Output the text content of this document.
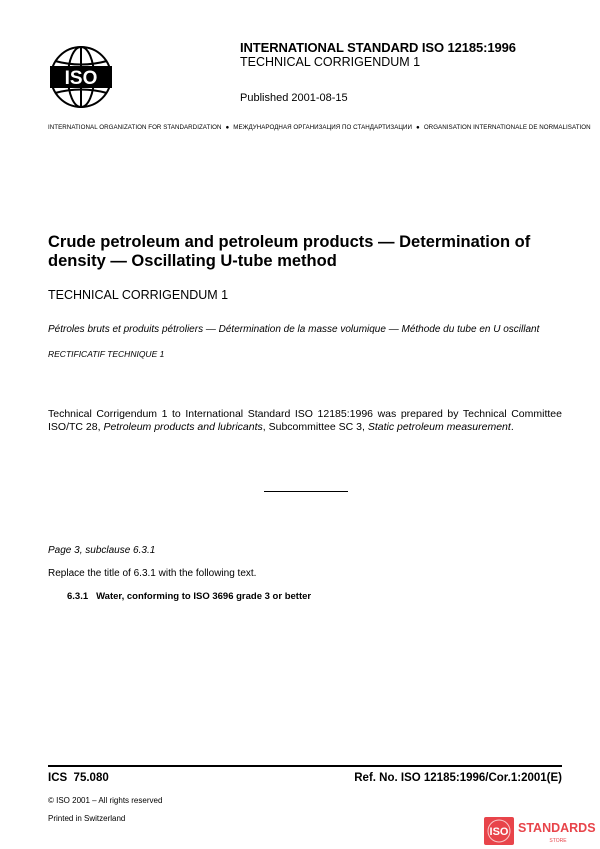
ISO
INTERNATIONAL STANDARD ISO 12185:1996
TECHNICAL CORRIGENDUM 1
Published 2001-08-15
INTERNATIONAL ORGANIZATION FOR STANDARDIZATION ● МЕЖДУНАРОДНАЯ ОРГАНИЗАЦИЯ ПО СТАНДАРТИЗАЦИИ ● ORGANISATION INTERNATIONALE DE NORMALISATION
Crude petroleum and petroleum products — Determination of density — Oscillating U-tube method
TECHNICAL CORRIGENDUM 1
Pétroles bruts et produits pétroliers — Détermination de la masse volumique — Méthode du tube en U oscillant
RECTIFICATIF TECHNIQUE 1
Technical Corrigendum 1 to International Standard ISO 12185:1996 was prepared by Technical Committee ISO/TC 28, Petroleum products and lubricants, Subcommittee SC 3, Static petroleum measurement.
Page 3, subclause 6.3.1
Replace the title of 6.3.1 with the following text.
6.3.1 Water, conforming to ISO 3696 grade 3 or better
ICS  75.080	Ref. No. ISO 12185:1996/Cor.1:2001(E)
© ISO 2001 – All rights reserved
Printed in Switzerland
ISO STANDARDS
STORE
